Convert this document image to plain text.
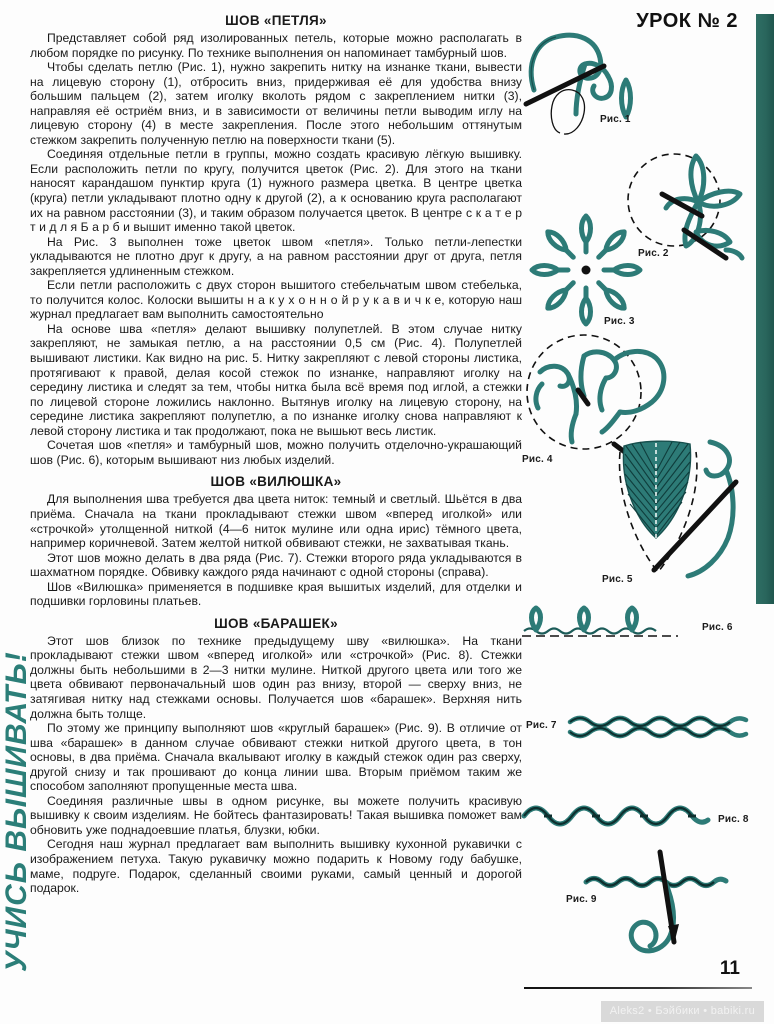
УЧИСЬ ВЫШИВАТЬ!
ШОВ «ПЕТЛЯ»

Представляет собой ряд изолированных петель, которые можно располагать в любом порядке по рисунку. По технике выполнения он напоминает тамбурный шов.

Чтобы сделать петлю (Рис. 1), нужно закрепить нитку на изнанке ткани, вывести на лицевую сторону (1), отбросить вниз, придерживая её для удобства внизу большим пальцем (2), затем иголку вколоть рядом с закреплением нитки (3), направляя её остриём вниз, и в зависимости от величины петли выводим иглу на лицевую сторону (4) в месте закрепления. После этого небольшим оттянутым стежком закрепить полученную петлю на поверхности ткани (5).

Соединяя отдельные петли в группы, можно создать красивую лёгкую вышивку. Если расположить петли по кругу, получится цветок (Рис. 2). Для этого на ткани наносят карандашом пунктир круга (1) нужного размера цветка. В центре цветка (круга) петли укладывают плотно одну к другой (2), а к основанию круга располагают их на равном расстоянии (3), и таким образом получается цветок. В центре с к а т е р т и д л я Б а р б и вышит именно такой цветок.

На Рис. 3 выполнен тоже цветок швом «петля». Только петли-лепестки укладываются не плотно друг к другу, а на равном расстоянии друг от друга, петля закрепляется удлиненным стежком.

Если петли расположить с двух сторон вышитого стебельчатым швом стебелька, то получится колос. Колоски вышиты н а к у х о н н о й р у к а в и ч к е, которую наш журнал предлагает вам выполнить самостоятельно

На основе шва «петля» делают вышивку полупетлей. В этом случае нитку закрепляют, не замыкая петлю, а на расстоянии 0,5 см (Рис. 4). Полупетлей вышивают листики. Как видно на рис. 5. Нитку закрепляют с левой стороны листика, протягивают к правой, делая косой стежок по изнанке, направляют иголку на середину листика и следят за тем, чтобы нитка была всё время под иглой, а стежки по лицевой стороне ложились наклонно. Вытянув иголку на лицевую сторону, на середине листика закрепляют полупетлю, а по изнанке иголку снова направляют к левой сторону листика и так продолжают, пока не вышьют весь листик.

Сочетая шов «петля» и тамбурный шов, можно получить отделочно-украшающий шов (Рис. 6), которым вышивают низ любых изделий.

ШОВ «ВИЛЮШКА»

Для выполнения шва требуется два цвета ниток: темный и светлый. Шьётся в два приёма. Сначала на ткани прокладывают стежки швом «вперед иголкой» или «строчкой» утолщенной ниткой (4—6 ниток мулине или одна ирис) тёмного цвета, например коричневой. Затем желтой ниткой обвивают стежки, не захватывая ткань.

Этот шов можно делать в два ряда (Рис. 7). Стежки второго ряда укладываются в шахматном порядке. Обвивку каждого ряда начинают с одной стороны (справа).

Шов «Вилюшка» применяется в подшивке края вышитых изделий, для отделки и подшивки горловины платьев.

ШОВ «БАРАШЕК»

Этот шов близок по технике предыдущему шву «вилюшка». На ткани прокладывают стежки швом «вперед иголкой» или «строчкой» (Рис. 8). Стежки должны быть небольшими в 2—3 нитки мулине. Ниткой другого цвета или того же цвета обвивают первоначальный шов один раз внизу, второй — сверху вниз, не затягивая нитку над стежками основы. Получается шов «барашек». Верхняя нить должна быть толще.

По этому же принципу выполняют шов «круглый барашек» (Рис. 9). В отличие от шва «барашек» в данном случае обвивают стежки ниткой другого цвета, в тон основы, в два приёма. Сначала вкалывают иголку в каждый стежок один раз сверху, другой снизу и так прошивают до конца линии шва. Вторым приёмом таким же способом заполняют пропущенные места шва.

Соединяя различные швы в одном рисунке, вы можете получить красивую вышивку к своим изделиям. Не бойтесь фантазировать! Такая вышивка поможет вам обновить уже поднадоевшие платья, блузки, юбки.

Сегодня наш журнал предлагает вам выполнить вышивку кухонной рукавички с изображением петуха. Такую рукавичку можно подарить к Новому году бабушке, маме, подруге. Подарок, сделанный своими руками, самый ценный и дорогой подарок.

УРОК № 2
Рис. 1
Рис. 2
Рис. 3
Рис. 4
Рис. 5
Рис. 6
Рис. 7
Рис. 8
Рис. 9
11
Aleks2 • Бэйбики • babiki.ru
